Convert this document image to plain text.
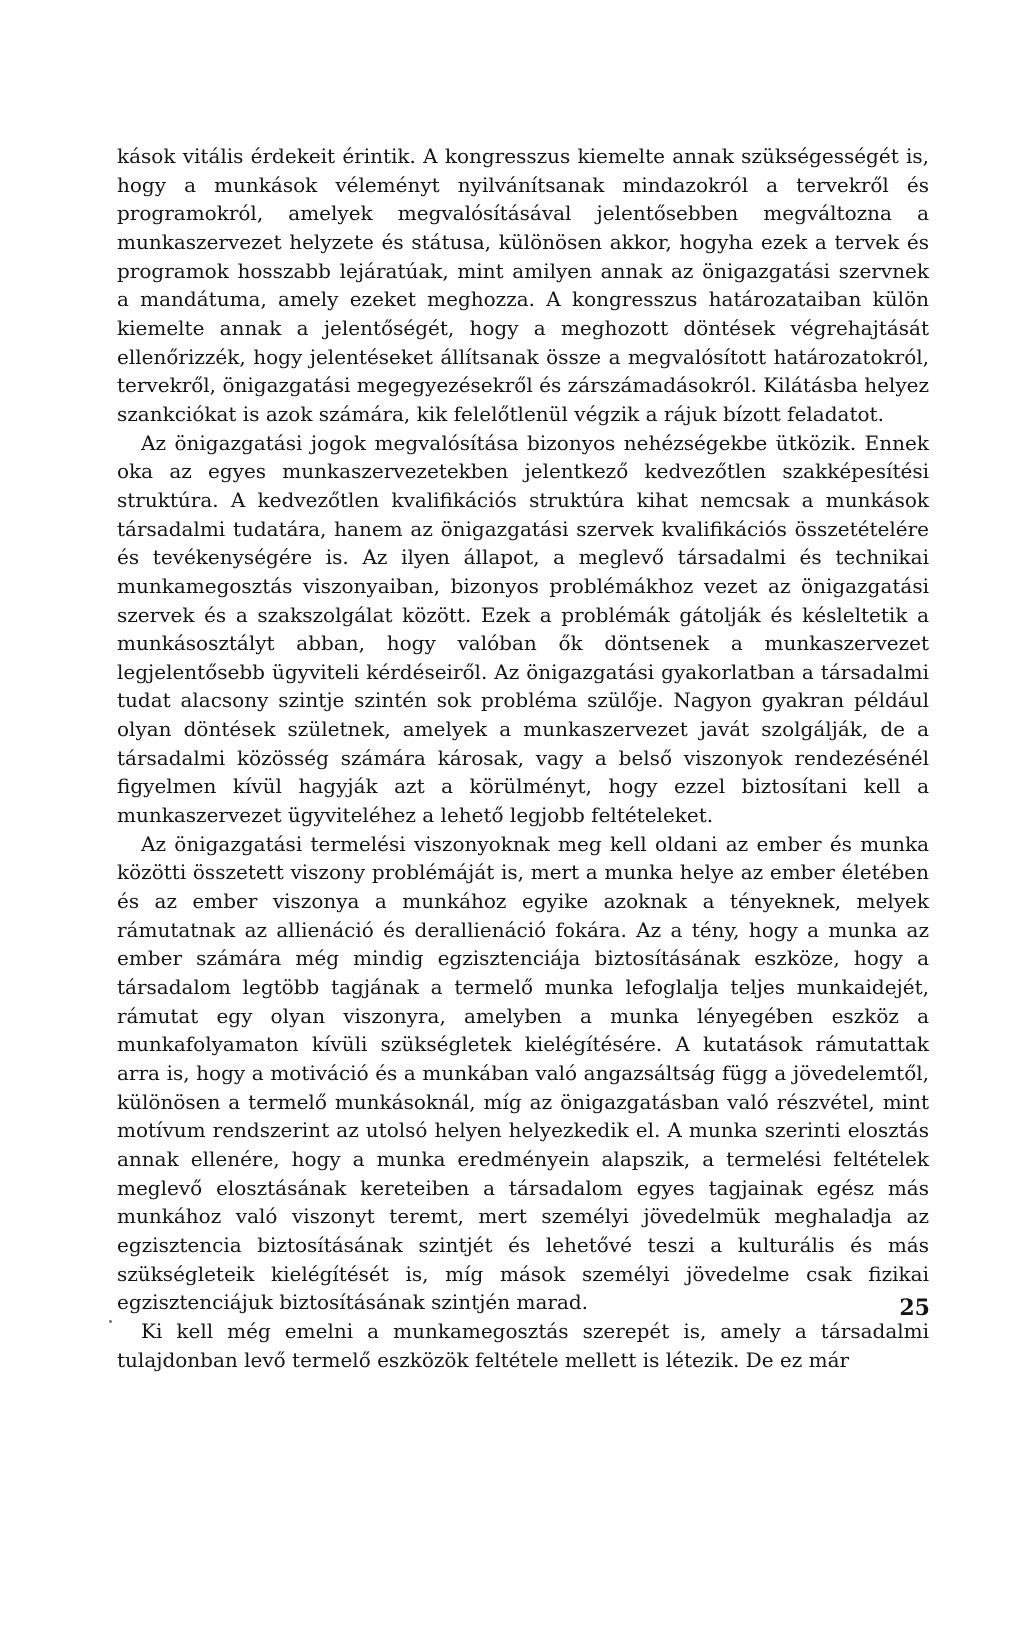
kások vitális érdekeit érintik. A kongresszus kiemelte annak szükségességét is, hogy a munkások véleményt nyilvánítsanak mindazokról a tervekről és programokról, amelyek megvalósításával jelentősebben megváltozna a munkaszervezet helyzete és státusa, különösen akkor, hogyha ezek a tervek és programok hosszabb lejáratúak, mint amilyen annak az önigazgatási szervnek a mandátuma, amely ezeket meghozza. A kongresszus határozataiban külön kiemelte annak a jelentőségét, hogy a meghozott döntések végrehajtását ellenőrizzék, hogy jelentéseket állítsanak össze a megvalósított határozatokról, tervekről, önigazgatási megegyezésekről és zárszámadásokról. Kilátásba helyez szankciókat is azok számára, kik felelőtlenül végzik a rájuk bízott feladatot.

Az önigazgatási jogok megvalósítása bizonyos nehézségekbe ütközik. Ennek oka az egyes munkaszervezetekben jelentkező kedvezőtlen szakképesítési struktúra. A kedvezőtlen kvalifikációs struktúra kihat nemcsak a munkások társadalmi tudatára, hanem az önigazgatási szervek kvalifikációs összetételére és tevékenységére is. Az ilyen állapot, a meglevő társadalmi és technikai munkamegosztás viszonyaiban, bizonyos problémákhoz vezet az önigazgatási szervek és a szakszolgálat között. Ezek a problémák gátolják és késleltetik a munkásosztályt abban, hogy valóban ők döntsenek a munkaszervezet legjelentősebb ügyviteli kérdéseiről. Az önigazgatási gyakorlatban a társadalmi tudat alacsony szintje szintén sok probléma szülője. Nagyon gyakran például olyan döntések születnek, amelyek a munkaszervezet javát szolgálják, de a társadalmi közösség számára károsak, vagy a belső viszonyok rendezésénél figyelmen kívül hagyják azt a körülményt, hogy ezzel biztosítani kell a munkaszervezet ügyviteléhez a lehető legjobb feltételeket.

Az önigazgatási termelési viszonyoknak meg kell oldani az ember és munka közötti összetett viszony problémáját is, mert a munka helye az ember életében és az ember viszonya a munkához egyike azoknak a tényeknek, melyek rámutatnak az allienáció és derallienáció fokára. Az a tény, hogy a munka az ember számára még mindig egzisztenciája biztosításának eszköze, hogy a társadalom legtöbb tagjának a termelő munka lefoglalja teljes munkaidejét, rámutat egy olyan viszonyra, amelyben a munka lényegében eszköz a munkafolyamaton kívüli szükségletek kielégítésére. A kutatások rámutattak arra is, hogy a motiváció és a munkában való angazsáltság függ a jövedelemtől, különösen a termelő munkásoknál, míg az önigazgatásban való részvétel, mint motívum rendszerint az utolsó helyen helyezkedik el. A munka szerinti elosztás annak ellenére, hogy a munka eredményein alapszik, a termelési feltételek meglevő elosztásának kereteiben a társadalom egyes tagjainak egész más munkához való viszonyt teremt, mert személyi jövedelmük meghaladja az egzisztencia biztosításának szintjét és lehetővé teszi a kulturális és más szükségleteik kielégítését is, míg mások személyi jövedelme csak fizikai egzisztenciájuk biztosításának szintjén marad.

Ki kell még emelni a munkamegosztás szerepét is, amely a társadalmi tulajdonban levő termelő eszközök feltétele mellett is létezik. De ez már

25
